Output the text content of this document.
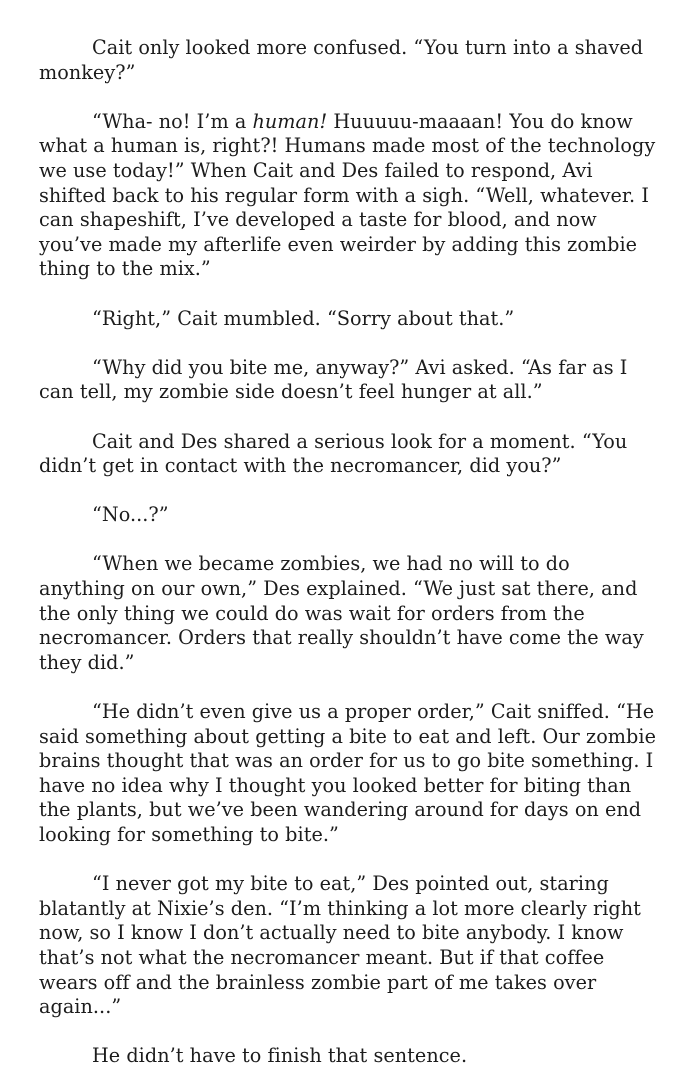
Cait only looked more confused. “You turn into a shaved monkey?”

“Wha- no! I’m a human! Huuuuu-maaaan! You do know what a human is, right?! Humans made most of the technology we use today!” When Cait and Des failed to respond, Avi shifted back to his regular form with a sigh. “Well, whatever. I can shapeshift, I’ve developed a taste for blood, and now you’ve made my afterlife even weirder by adding this zombie thing to the mix.”

“Right,” Cait mumbled. “Sorry about that.”

“Why did you bite me, anyway?” Avi asked. “As far as I can tell, my zombie side doesn’t feel hunger at all.”

Cait and Des shared a serious look for a moment. “You didn’t get in contact with the necromancer, did you?”

“No...?”

“When we became zombies, we had no will to do anything on our own,” Des explained. “We just sat there, and the only thing we could do was wait for orders from the necromancer. Orders that really shouldn’t have come the way they did.”

“He didn’t even give us a proper order,” Cait sniffed. “He said something about getting a bite to eat and left. Our zombie brains thought that was an order for us to go bite something. I have no idea why I thought you looked better for biting than the plants, but we’ve been wandering around for days on end looking for something to bite.”

“I never got my bite to eat,” Des pointed out, staring blatantly at Nixie’s den. “I’m thinking a lot more clearly right now, so I know I don’t actually need to bite anybody. I know that’s not what the necromancer meant. But if that coffee wears off and the brainless zombie part of me takes over again...”

He didn’t have to finish that sentence.
